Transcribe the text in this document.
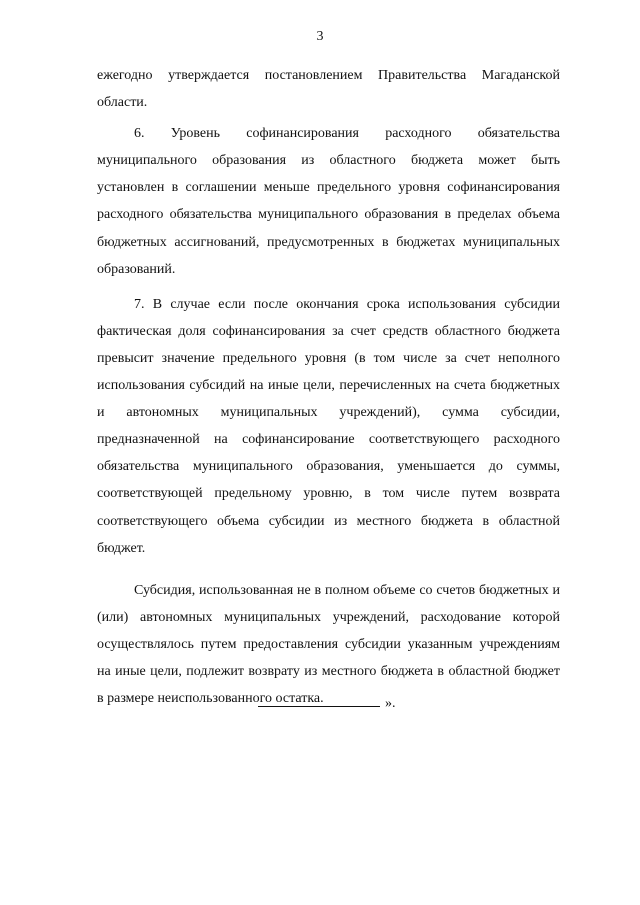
3

ежегодно утверждается постановлением Правительства Магаданской области.

6. Уровень софинансирования расходного обязательства муниципального образования из областного бюджета может быть установлен в соглашении меньше предельного уровня софинансирования расходного обязательства муниципального образования в пределах объема бюджетных ассигнований, предусмотренных в бюджетах муниципальных образований.

7. В случае если после окончания срока использования субсидии фактическая доля софинансирования за счет средств областного бюджета превысит значение предельного уровня (в том числе за счет неполного использования субсидий на иные цели, перечисленных на счета бюджетных и автономных муниципальных учреждений), сумма субсидии, предназначенной на софинансирование соответствующего расходного обязательства муниципального образования, уменьшается до суммы, соответствующей предельному уровню, в том числе путем возврата соответствующего объема субсидии из местного бюджета в областной бюджет.

Субсидия, использованная не в полном объеме со счетов бюджетных и (или) автономных муниципальных учреждений, расходование которой осуществлялось путем предоставления субсидии указанным учреждениям на иные цели, подлежит возврату из местного бюджета в областной бюджет в размере неиспользованного остатка.	».
